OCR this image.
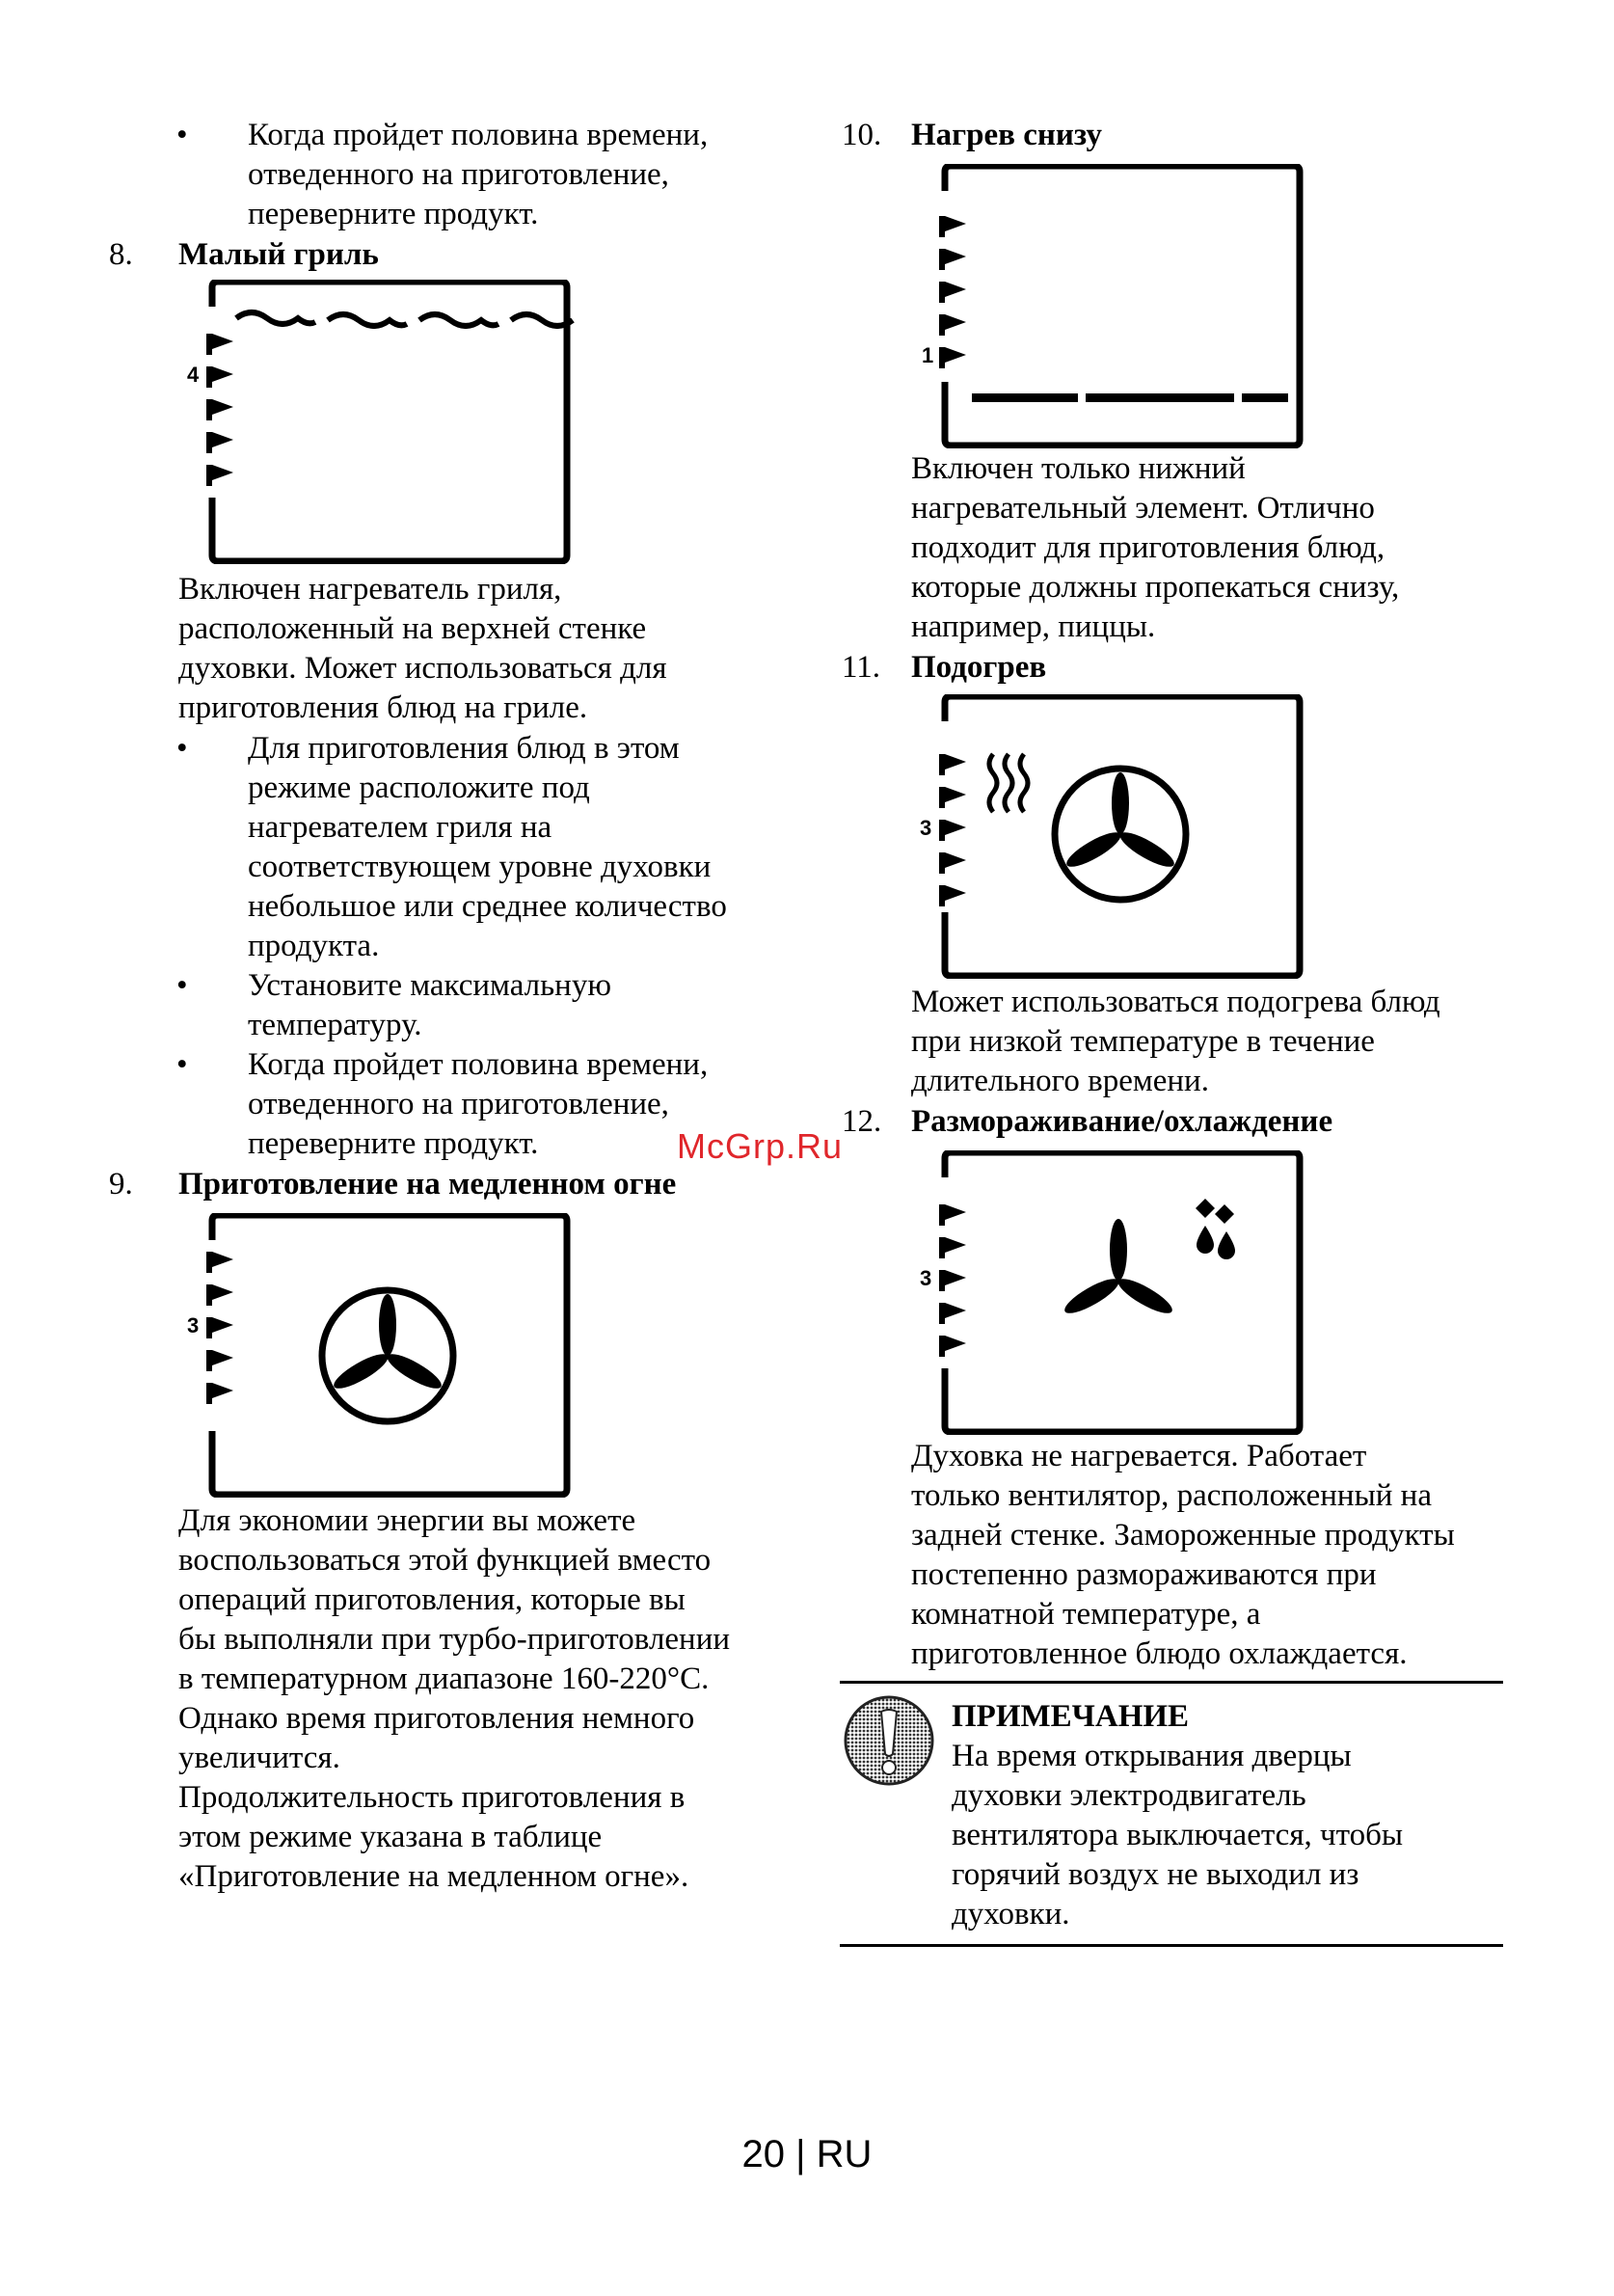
• Когда пройдет половина времени,
отведенного на приготовление,
переверните продукт.

8. Малый гриль
4

Включен нагреватель гриля,
расположенный на верхней стенке
духовки. Может использоваться для
приготовления блюд на гриле.

• Для приготовления блюд в этом
режиме расположите под
нагревателем гриля на
соответствующем уровне духовки
небольшое или среднее количество
продукта.

• Установите максимальную
температуру.

• Когда пройдет половина времени,
отведенного на приготовление,
переверните продукт.

9. Приготовление на медленном огне
3

Для экономии энергии вы можете
воспользоваться этой функцией вместо
операций приготовления, которые вы
бы выполняли при турбо-приготовлении
в температурном диапазоне 160-220°C.
Однако время приготовления немного
увеличится.

Продолжительность приготовления в
этом режиме указана в таблице
«Приготовление на медленном огне».

10. Нагрев снизу
1

Включен только нижний
нагревательный элемент. Отлично
подходит для приготовления блюд,
которые должны пропекаться снизу,
например, пиццы.

11. Подогрев
3

Может использоваться подогрева блюд
при низкой температуре в течение
длительного времени.

12. Размораживание/охлаждение
3

Духовка не нагревается. Работает
только вентилятор, расположенный на
задней стенке. Замороженные продукты
постепенно размораживаются при
комнатной температуре, а
приготовленное блюдо охлаждается.

ПРИМЕЧАНИЕ

На время открывания дверцы
духовки электродвигатель
вентилятора выключается, чтобы
горячий воздух не выходил из
духовки.

McGrp.Ru
20 | RU
